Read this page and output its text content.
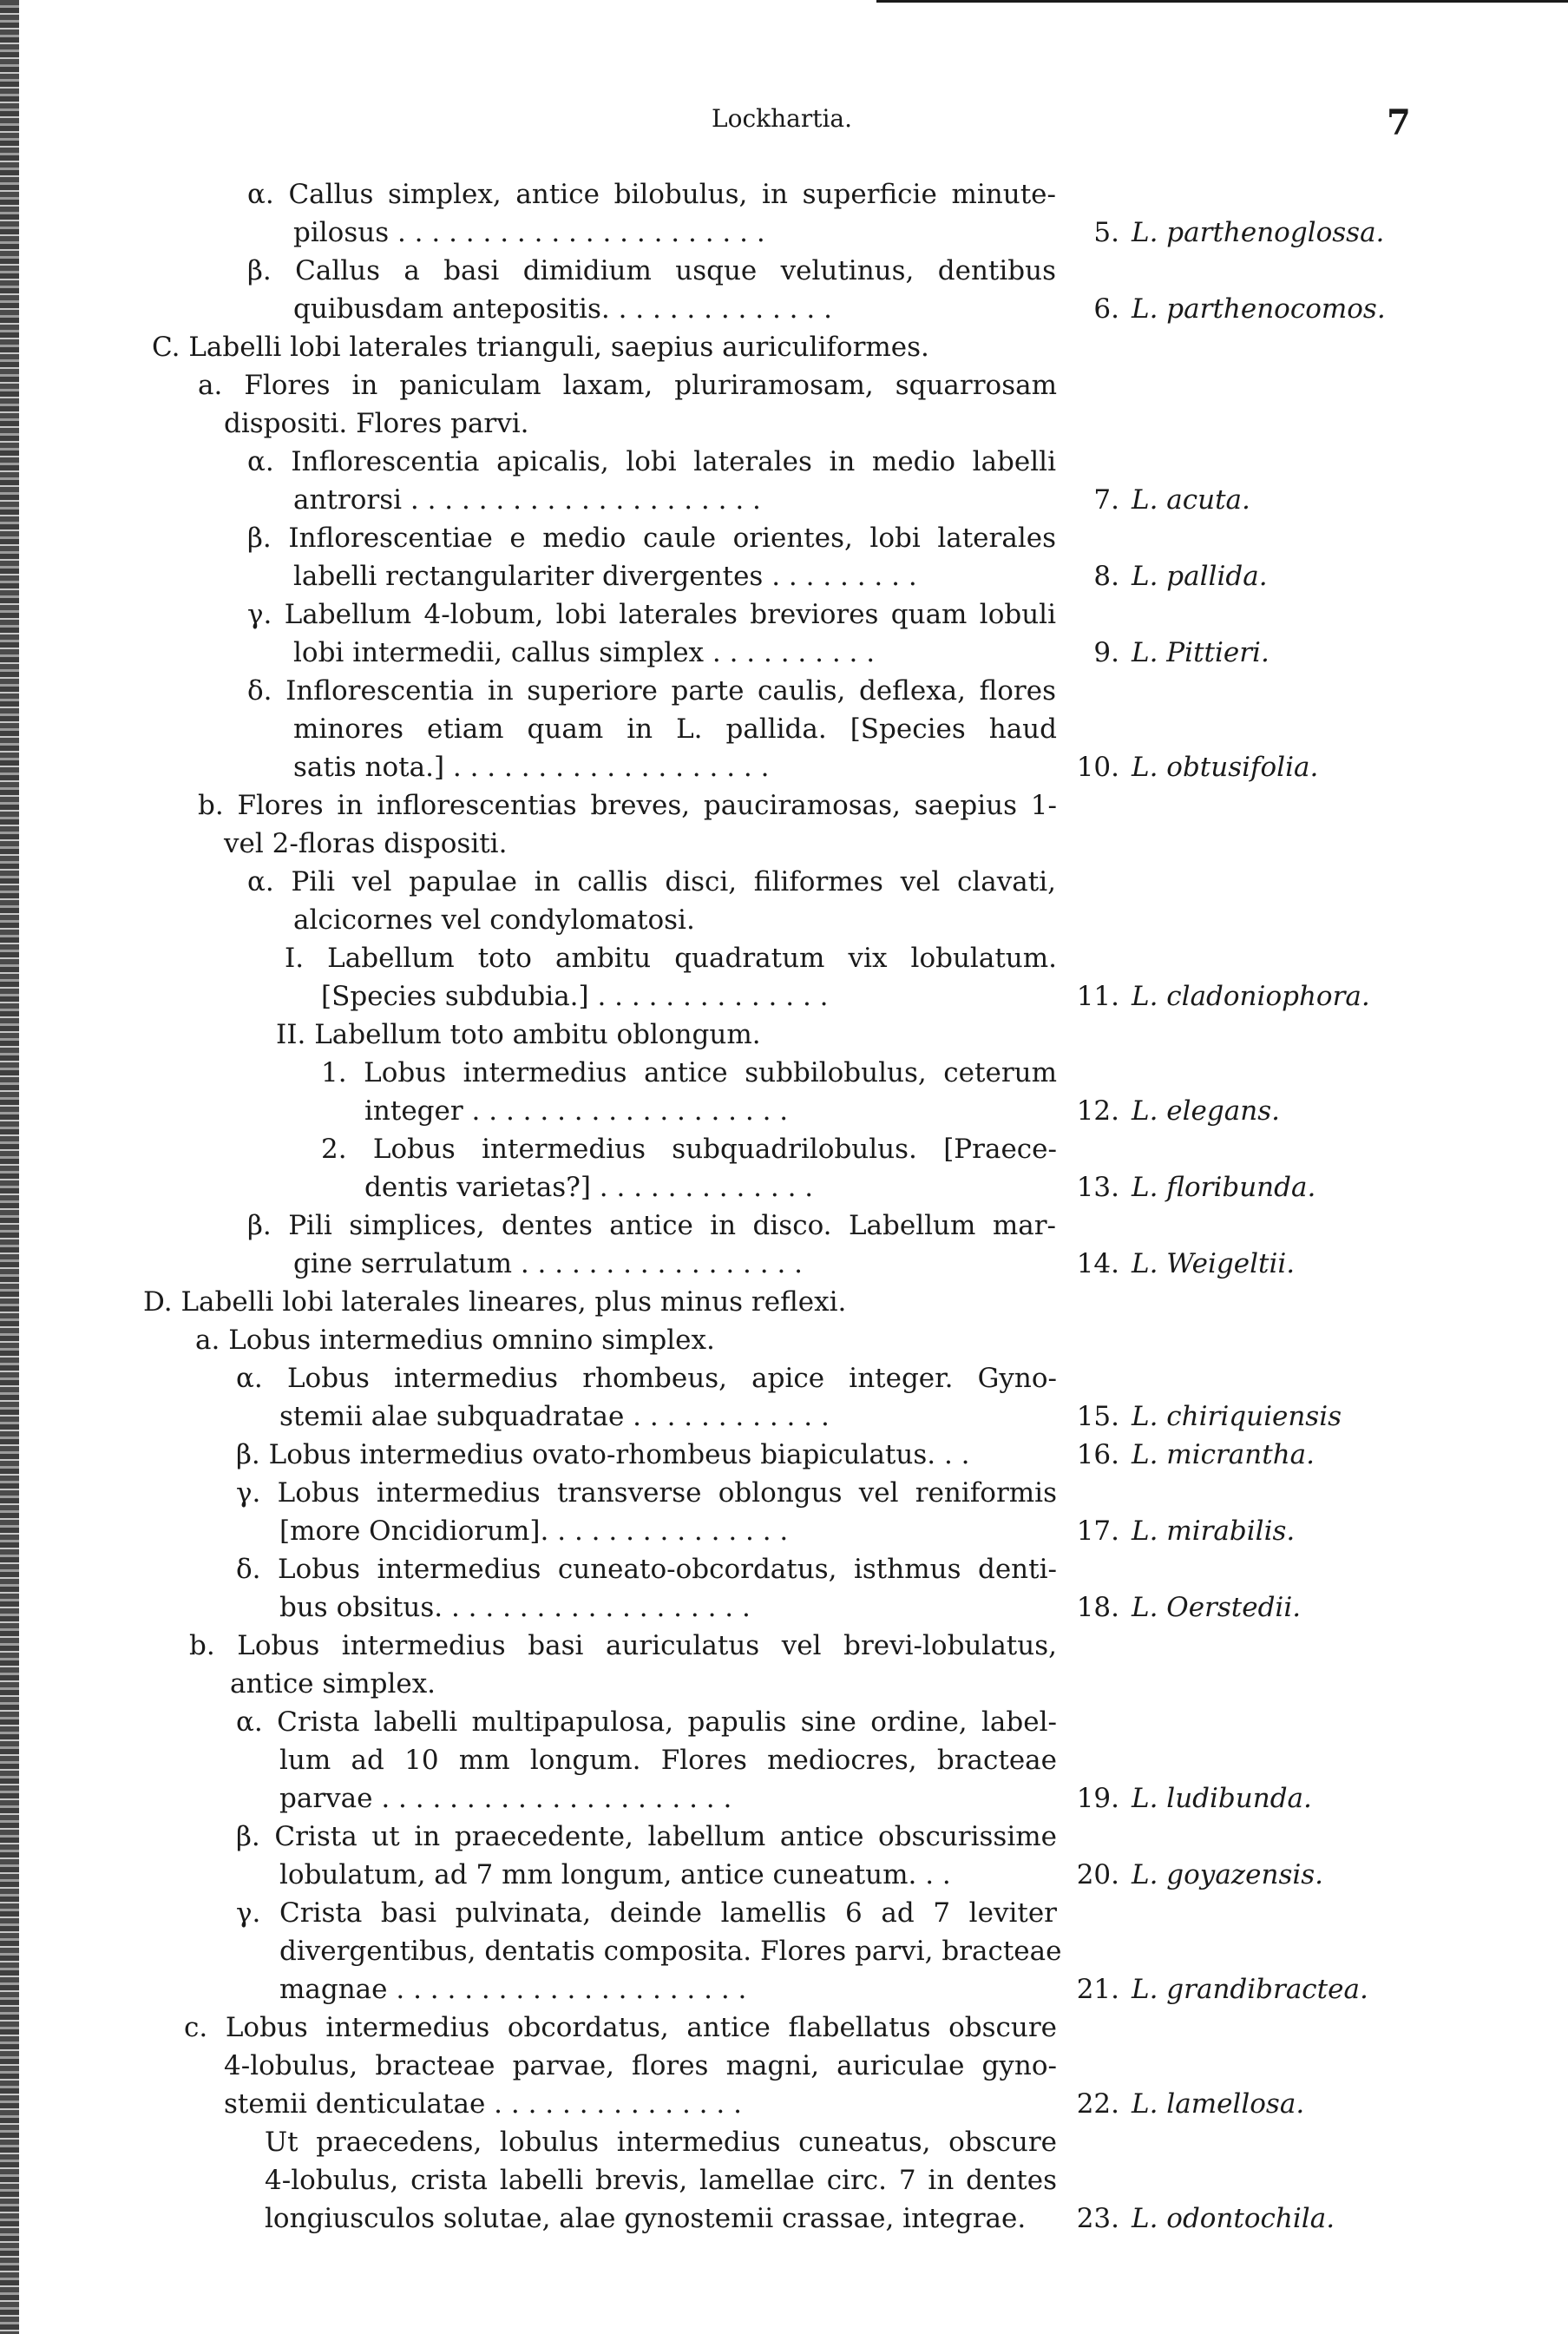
Lockhartia.	7
α. Callus simplex, antice bilobulus, in superficie minute-
pilosus . . . . . . . . . . . . . . . . . . . . . .	5. L. parthenoglossa.
β. Callus a basi dimidium usque velutinus, dentibus
quibusdam antepositis. . . . . . . . . . . . . .	6. L. parthenocomos.
C. Labelli lobi laterales trianguli, saepius auriculiformes.
a. Flores in paniculam laxam, pluriramosam, squarrosam
dispositi. Flores parvi.
α. Inflorescentia apicalis, lobi laterales in medio labelli
antrorsi . . . . . . . . . . . . . . . . . . . . .	7. L. acuta.
β. Inflorescentiae e medio caule orientes, lobi laterales
labelli rectangulariter divergentes . . . . . . . . .	8. L. pallida.
γ. Labellum 4-lobum, lobi laterales breviores quam lobuli
lobi intermedii, callus simplex . . . . . . . . . .	9. L. Pittieri.
δ. Inflorescentia in superiore parte caulis, deflexa, flores
minores etiam quam in L. pallida. [Species haud
satis nota.] . . . . . . . . . . . . . . . . . . .	10. L. obtusifolia.
b. Flores in inflorescentias breves, pauciramosas, saepius 1-
vel 2-floras dispositi.
α. Pili vel papulae in callis disci, filiformes vel clavati,
alcicornes vel condylomatosi.
I. Labellum toto ambitu quadratum vix lobulatum.
[Species subdubia.] . . . . . . . . . . . . . .	11. L. cladoniophora.
II. Labellum toto ambitu oblongum.
1. Lobus intermedius antice subbilobulus, ceterum
integer . . . . . . . . . . . . . . . . . . .	12. L. elegans.
2. Lobus intermedius subquadrilobulus. [Praece-
dentis varietas?] . . . . . . . . . . . . .	13. L. floribunda.
β. Pili simplices, dentes antice in disco. Labellum mar-
gine serrulatum . . . . . . . . . . . . . . . . .	14. L. Weigeltii.
D. Labelli lobi laterales lineares, plus minus reflexi.
a. Lobus intermedius omnino simplex.
α. Lobus intermedius rhombeus, apice integer. Gyno-
stemii alae subquadratae . . . . . . . . . . . .	15. L. chiriquiensis
β. Lobus intermedius ovato-rhombeus biapiculatus. . .	16. L. micrantha.
γ. Lobus intermedius transverse oblongus vel reniformis
[more Oncidiorum]. . . . . . . . . . . . . . .	17. L. mirabilis.
δ. Lobus intermedius cuneato-obcordatus, isthmus denti-
bus obsitus. . . . . . . . . . . . . . . . . . .	18. L. Oerstedii.
b. Lobus intermedius basi auriculatus vel brevi-lobulatus,
antice simplex.
α. Crista labelli multipapulosa, papulis sine ordine, label-
lum ad 10 mm longum. Flores mediocres, bracteae
parvae . . . . . . . . . . . . . . . . . . . . .	19. L. ludibunda.
β. Crista ut in praecedente, labellum antice obscurissime
lobulatum, ad 7 mm longum, antice cuneatum. . .	20. L. goyazensis.
γ. Crista basi pulvinata, deinde lamellis 6 ad 7 leviter
divergentibus, dentatis composita. Flores parvi, bracteae
magnae . . . . . . . . . . . . . . . . . . . . .	21. L. grandibractea.
c. Lobus intermedius obcordatus, antice flabellatus obscure
4-lobulus, bracteae parvae, flores magni, auriculae gyno-
stemii denticulatae . . . . . . . . . . . . . . .	22. L. lamellosa.
Ut praecedens, lobulus intermedius cuneatus, obscure
4-lobulus, crista labelli brevis, lamellae circ. 7 in dentes
longiusculos solutae, alae gynostemii crassae, integrae.	23. L. odontochila.
